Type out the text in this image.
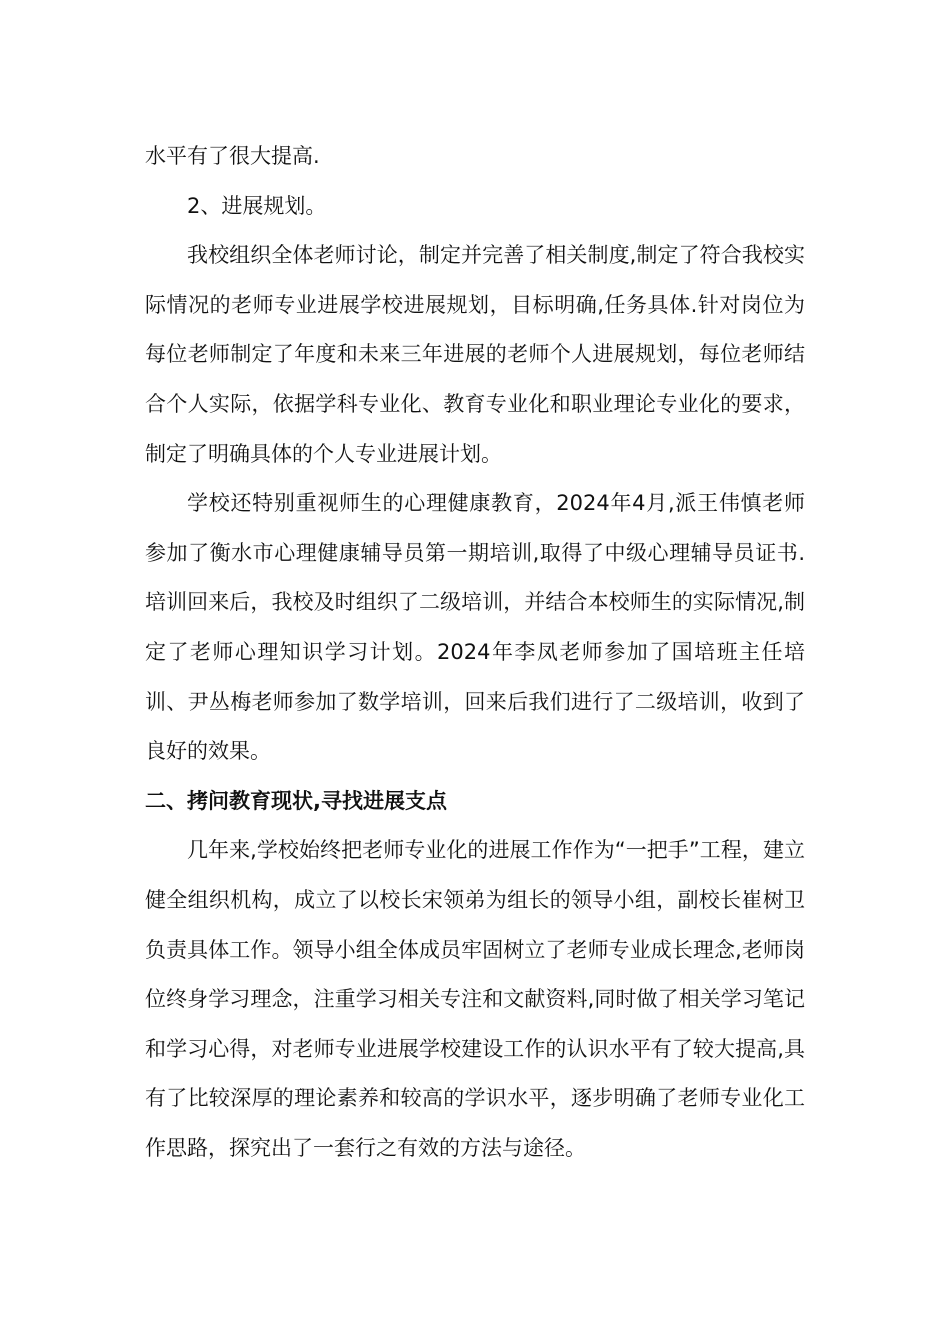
水平有了很大提高.

2、进展规划。

我校组织全体老师讨论，制定并完善了相关制度,制定了符合我校实际情况的老师专业进展学校进展规划，目标明确,任务具体.针对岗位为每位老师制定了年度和未来三年进展的老师个人进展规划，每位老师结合个人实际，依据学科专业化、教育专业化和职业理论专业化的要求，制定了明确具体的个人专业进展计划。

学校还特别重视师生的心理健康教育，2024年4月,派王伟慎老师参加了衡水市心理健康辅导员第一期培训,取得了中级心理辅导员证书.培训回来后，我校及时组织了二级培训，并结合本校师生的实际情况,制定了老师心理知识学习计划。2024年李凤老师参加了国培班主任培训、尹丛梅老师参加了数学培训，回来后我们进行了二级培训，收到了良好的效果。

二、拷问教育现状,寻找进展支点

几年来,学校始终把老师专业化的进展工作作为“一把手”工程，建立健全组织机构，成立了以校长宋领弟为组长的领导小组，副校长崔树卫负责具体工作。领导小组全体成员牢固树立了老师专业成长理念,老师岗位终身学习理念，注重学习相关专注和文献资料,同时做了相关学习笔记和学习心得，对老师专业进展学校建设工作的认识水平有了较大提高,具有了比较深厚的理论素养和较高的学识水平，逐步明确了老师专业化工作思路，探究出了一套行之有效的方法与途径。
